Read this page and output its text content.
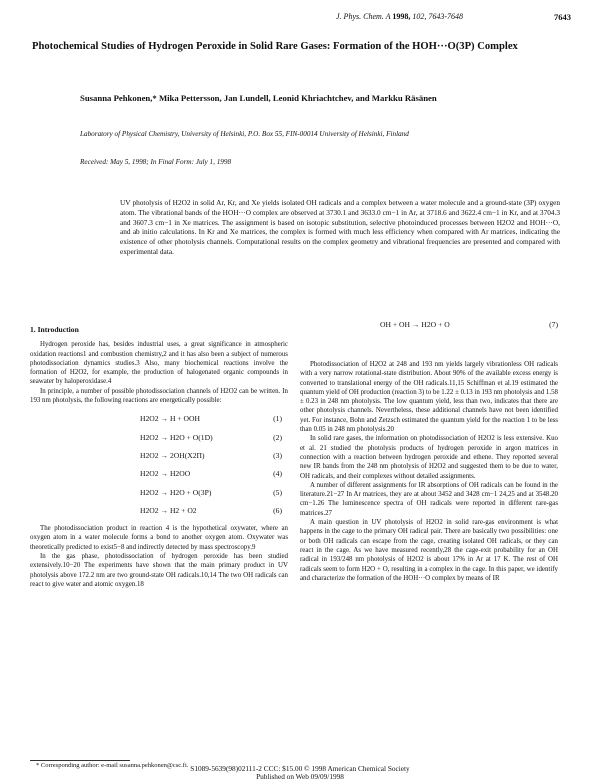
J. Phys. Chem. A 1998, 102, 7643-7648	7643
Photochemical Studies of Hydrogen Peroxide in Solid Rare Gases: Formation of the HOH···O(3P) Complex
Susanna Pehkonen,* Mika Pettersson, Jan Lundell, Leonid Khriachtchev, and Markku Räsänen
Laboratory of Physical Chemistry, University of Helsinki, P.O. Box 55, FIN-00014 University of Helsinki, Finland
Received: May 5, 1998; In Final Form: July 1, 1998
UV photolysis of H2O2 in solid Ar, Kr, and Xe yields isolated OH radicals and a complex between a water molecule and a ground-state (3P) oxygen atom. The vibrational bands of the HOH···O complex are observed at 3730.1 and 3633.0 cm−1 in Ar, at 3718.6 and 3622.4 cm−1 in Kr, and at 3704.3 and 3607.3 cm−1 in Xe matrices. The assignment is based on isotopic substitution, selective photoinduced processes between H2O2 and HOH···O, and ab initio calculations. In Kr and Xe matrices, the complex is formed with much less efficiency when compared with Ar matrices, indicating the existence of other photolysis channels. Computational results on the complex geometry and vibrational frequencies are presented and compared with experimental data.
1. Introduction

Hydrogen peroxide has, besides industrial uses, a great significance in atmospheric oxidation reactions1 and combustion chemistry,2 and it has also been a subject of numerous photodissociation dynamics studies.3 Also, many biochemical reactions involve the formation of H2O2, for example, the production of halogenated organic compounds in seawater by haloperoxidase.4

In principle, a number of possible photodissociation channels of H2O2 can be written. In 193 nm photolysis, the following reactions are energetically possible:

H2O2 → H + OOH	(1)
H2O2 → H2O + O(1D)	(2)
H2O2 → 2OH(X2Π)	(3)
H2O2 → H2OO	(4)
H2O2 → H2O + O(3P)	(5)
H2O2 → H2 + O2	(6)

The photodissociation product in reaction 4 is the hypothetical oxywater, where an oxygen atom in a water molecule forms a bond to another oxygen atom. Oxywater was theoretically predicted to exist5−8 and indirectly detected by mass spectroscopy.9

In the gas phase, photodissociation of hydrogen peroxide has been studied extensively.10−20 The experiments have shown that the main primary product in UV photolysis above 172.2 nm are two ground-state OH radicals.10,14 The two OH radicals can react to give water and atomic oxygen.18

OH + OH → H2O + O	(7)

Photodissociation of H2O2 at 248 and 193 nm yields largely vibrationless OH radicals with a very narrow rotational-state distribution. About 90% of the available excess energy is converted to translational energy of the OH radicals.11,15 Schiffman et al.19 estimated the quantum yield of OH production (reaction 3) to be 1.22 ± 0.13 in 193 nm photolysis and 1.58 ± 0.23 in 248 nm photolysis. The low quantum yield, less than two, indicates that there are other photolysis channels. Nevertheless, these additional channels have not been identified yet. For instance, Bohn and Zetzsch estimated the quantum yield for the reaction 1 to be less than 0.05 in 248 nm photolysis.20

In solid rare gases, the information on photodissociation of H2O2 is less extensive. Kuo et al. 21 studied the photolysis products of hydrogen peroxide in argon matrices in connection with a reaction between hydrogen peroxide and ethene. They reported several new IR bands from the 248 nm photolysis of H2O2 and suggested them to be due to water, OH radicals, and their complexes without detailed assignments.

A number of different assignments for IR absorptions of OH radicals can be found in the literature.21−27 In Ar matrices, they are at about 3452 and 3428 cm−1 24,25 and at 3548.20 cm−1.26 The luminescence spectra of OH radicals were reported in different rare-gas matrices.27

A main question in UV photolysis of H2O2 in solid rare-gas environment is what happens in the cage to the primary OH radical pair. There are basically two possibilities: one or both OH radicals can escape from the cage, creating isolated OH radicals, or they can react in the cage. As we have measured recently,28 the cage-exit probability for an OH radical in 193/248 nm photolysis of H2O2 is about 17% in Ar at 17 K. The rest of OH radicals seem to form H2O + O, resulting in a complex in the cage. In this paper, we identify and characterize the formation of the HOH···O complex by means of IR

* Corresponding author: e-mail susanna.pehkonen@csc.fi. S1089-5639(98)02111-2 CCC: $15.00 © 1998 American Chemical Society
Published on Web 09/09/1998
